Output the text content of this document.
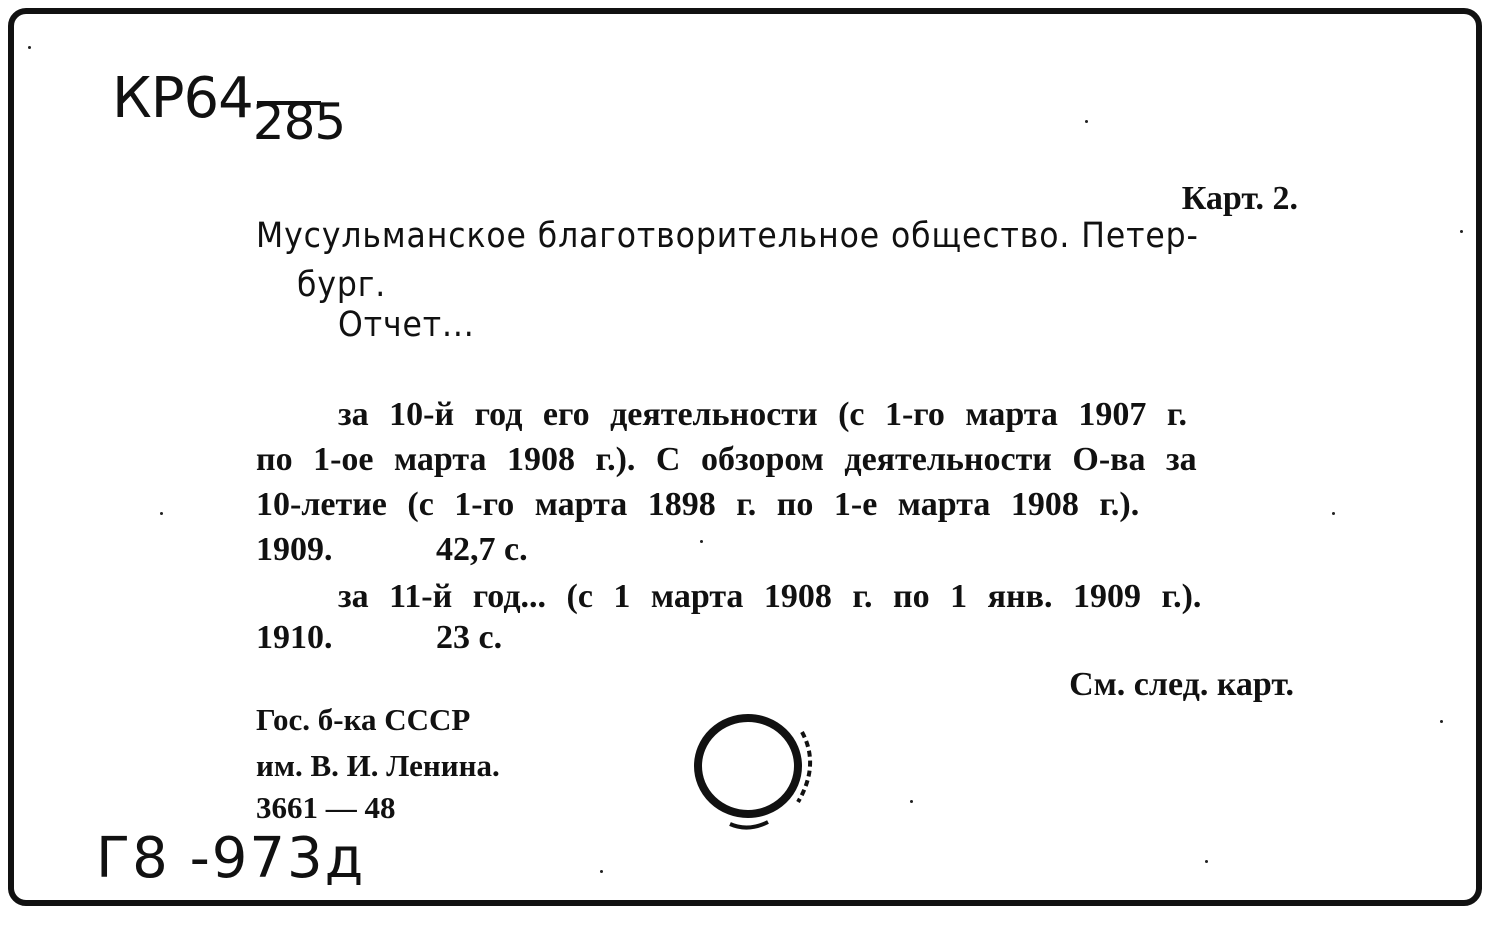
КР64285
Карт. 2.
Мусульманское благотворительное общество. Петер-
бург.
Отчет...
за 10-й год его деятельности (с 1-го марта 1907 г.
по 1-ое марта 1908 г.). С обзором деятельности О-ва за
10-летие (с 1-го марта 1898 г. по 1-е марта 1908 г.).
1909.	42,7 с.
за 11-й год... (с 1 марта 1908 г. по 1 янв. 1909 г.).
1910.	23 с.
См. след. карт.
Гос. б-ка СССР
им. В. И. Ленина.
3661 — 48
Г8 -973д
